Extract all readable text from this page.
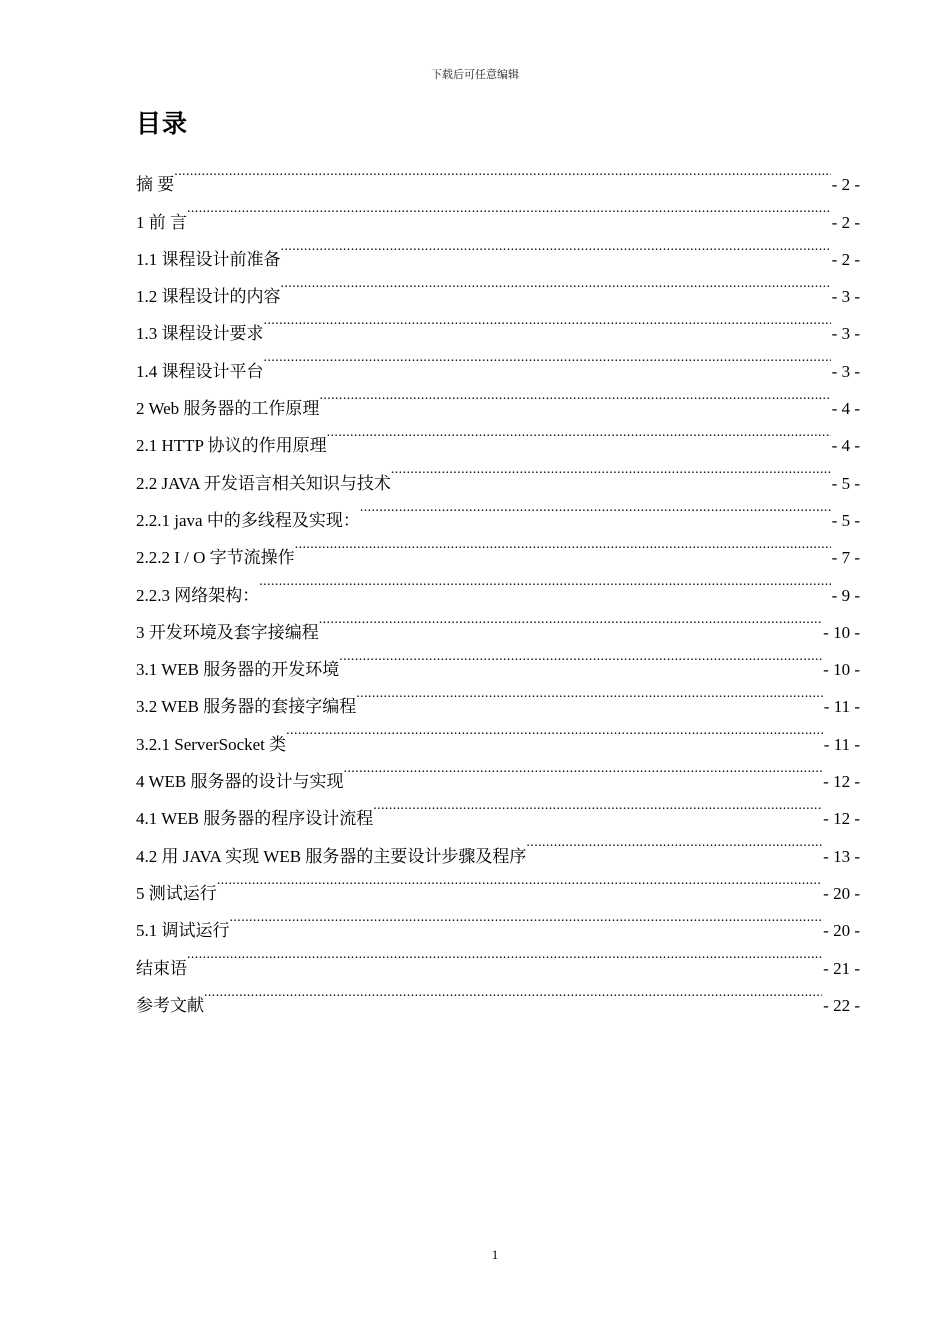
下载后可任意编辑
目录
摘 要 .....	- 2 -
1 前 言 .....	- 2 -
1.1 课程设计前准备 .....	- 2 -
1.2 课程设计的内容 .....	- 3 -
1.3 课程设计要求 .....	- 3 -
1.4 课程设计平台 .....	- 3 -
2 Web 服务器的工作原理 .....	- 4 -
2.1 HTTP 协议的作用原理 .....	- 4 -
2.2 JAVA 开发语言相关知识与技术 .....	- 5 -
2.2.1 java 中的多线程及实现： .....	- 5 -
2.2.2 I / O 字节流操作 .....	- 7 -
2.2.3 网络架构： .....	- 9 -
3 开发环境及套字接编程 .....	- 10 -
3.1 WEB 服务器的开发环境 .....	- 10 -
3.2 WEB 服务器的套接字编程 .....	- 11 -
3.2.1 ServerSocket 类 .....	- 11 -
4 WEB 服务器的设计与实现 .....	- 12 -
4.1 WEB 服务器的程序设计流程 .....	- 12 -
4.2 用 JAVA 实现 WEB 服务器的主要设计步骤及程序 .....	- 13 -
5 测试运行 .....	- 20 -
5.1 调试运行 .....	- 20 -
结束语 .....	- 21 -
参考文献 .....	- 22 -
1
